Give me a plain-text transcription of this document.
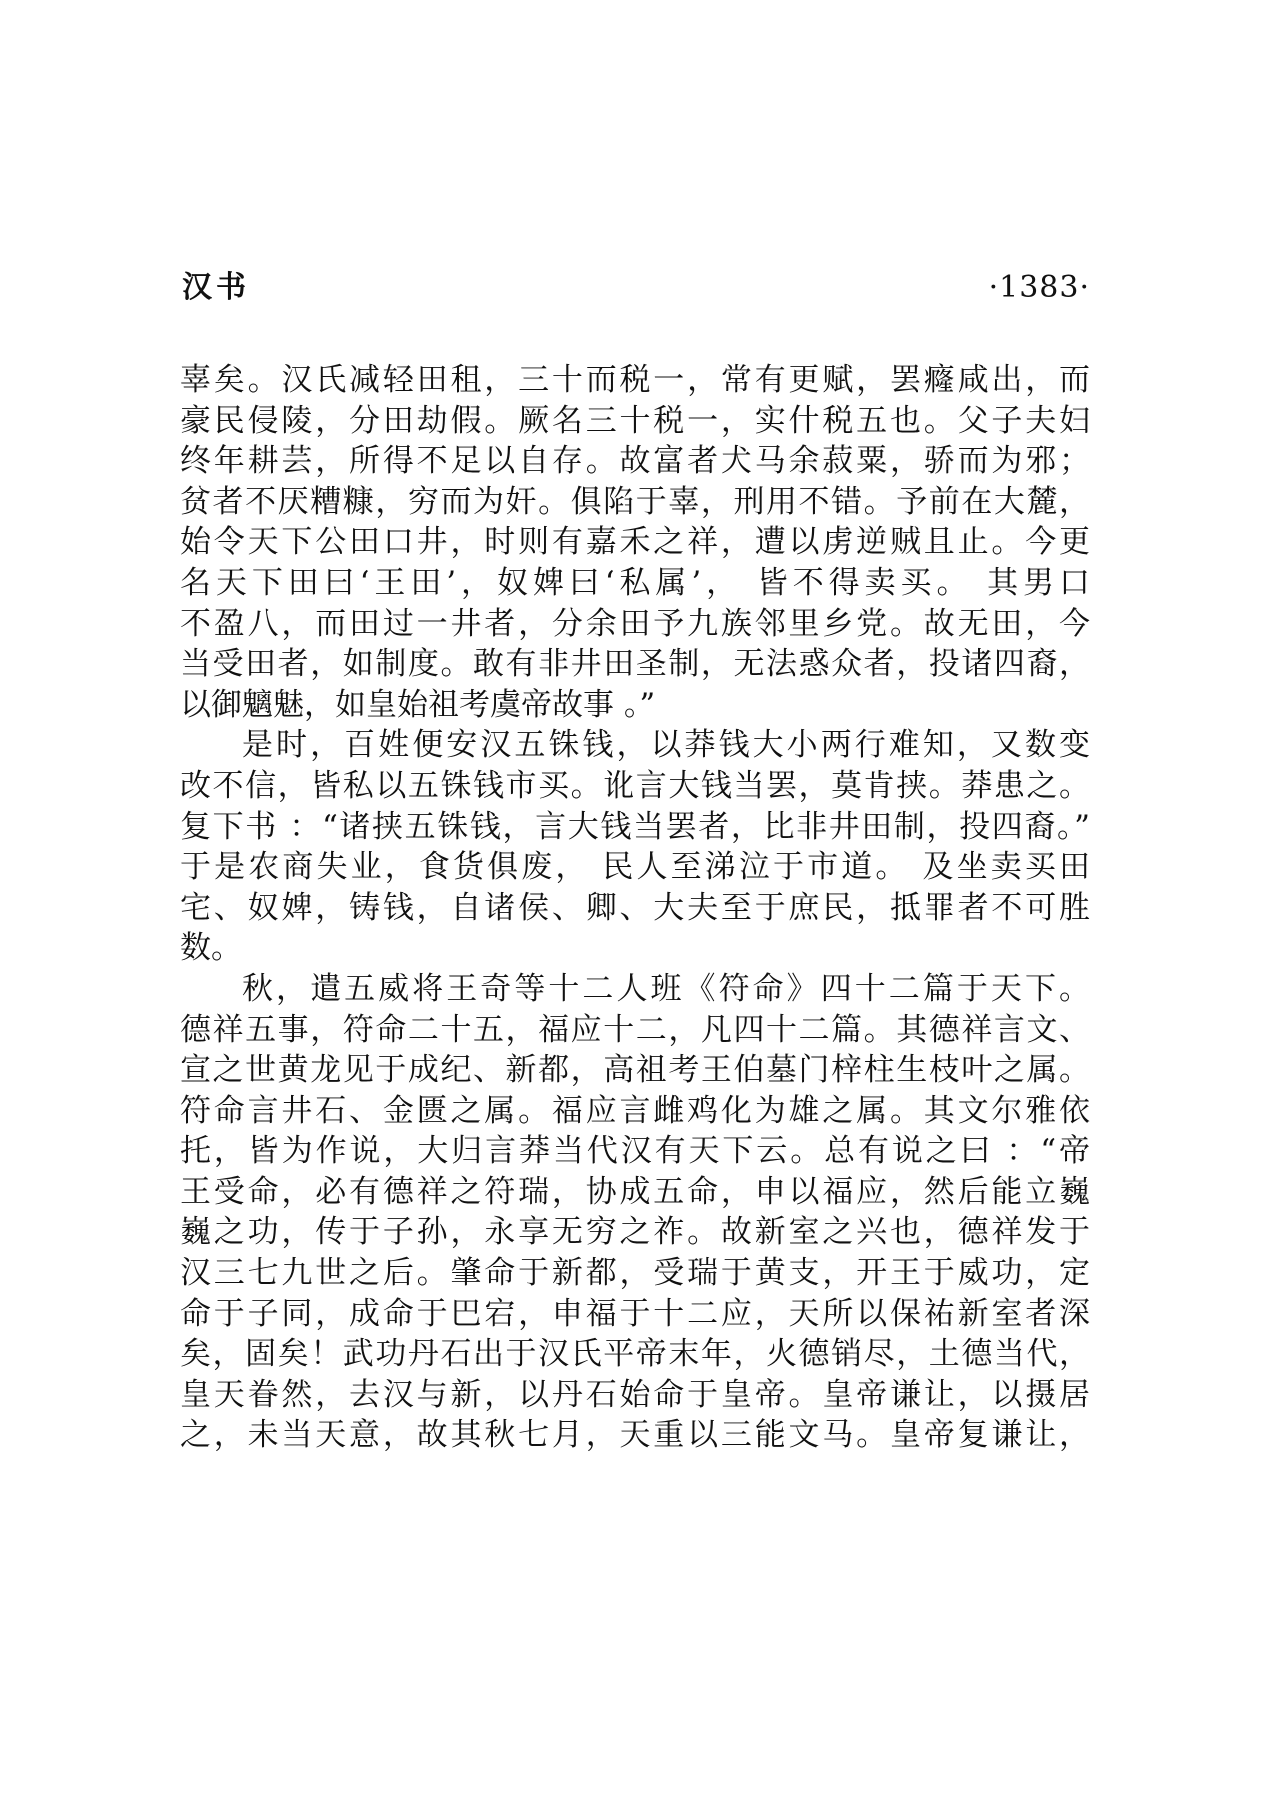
汉书	·1383·
辜矣。汉氏减轻田租，三十而税一，常有更赋，罢癃咸出，而
豪民侵陵，分田劫假。厥名三十税一，实什税五也。父子夫妇
终年耕芸，所得不足以自存。故富者犬马余菽粟，骄而为邪；
贫者不厌糟糠，穷而为奸。俱陷于辜，刑用不错。予前在大麓，
始令天下公田口井，时则有嘉禾之祥，遭以虏逆贼且止。今更
名天下田曰‘王田’，奴婢曰‘私属’， 皆不得卖买。 其男口
不盈八，而田过一井者，分余田予九族邻里乡党。故无田，今
当受田者，如制度。敢有非井田圣制，无法惑众者，投诸四裔，
以御魑魅，如皇始祖考虞帝故事 。”
是时，百姓便安汉五铢钱，以莽钱大小两行难知，又数变
改不信，皆私以五铢钱市买。讹言大钱当罢，莫肯挟。莽患之。
复下书 ：“诸挟五铢钱，言大钱当罢者，比非井田制，投四裔。”
于是农商失业，食货俱废， 民人至涕泣于市道。 及坐卖买田
宅、奴婢，铸钱，自诸侯、卿、大夫至于庶民，抵罪者不可胜
数。
秋，遣五威将王奇等十二人班《符命》四十二篇于天下。
德祥五事，符命二十五，福应十二，凡四十二篇。其德祥言文、
宣之世黄龙见于成纪、新都，高祖考王伯墓门梓柱生枝叶之属。
符命言井石、金匮之属。福应言雌鸡化为雄之属。其文尔雅依
托，皆为作说，大归言莽当代汉有天下云。总有说之曰 ：“帝
王受命，必有德祥之符瑞，协成五命，申以福应，然后能立巍
巍之功，传于子孙，永享无穷之祚。故新室之兴也，德祥发于
汉三七九世之后。肇命于新都，受瑞于黄支，开王于威功，定
命于子同，成命于巴宕，申福于十二应，天所以保祐新室者深
矣，固矣！武功丹石出于汉氏平帝末年，火德销尽，土德当代，
皇天眷然，去汉与新，以丹石始命于皇帝。皇帝谦让，以摄居
之，未当天意，故其秋七月，天重以三能文马。皇帝复谦让，
